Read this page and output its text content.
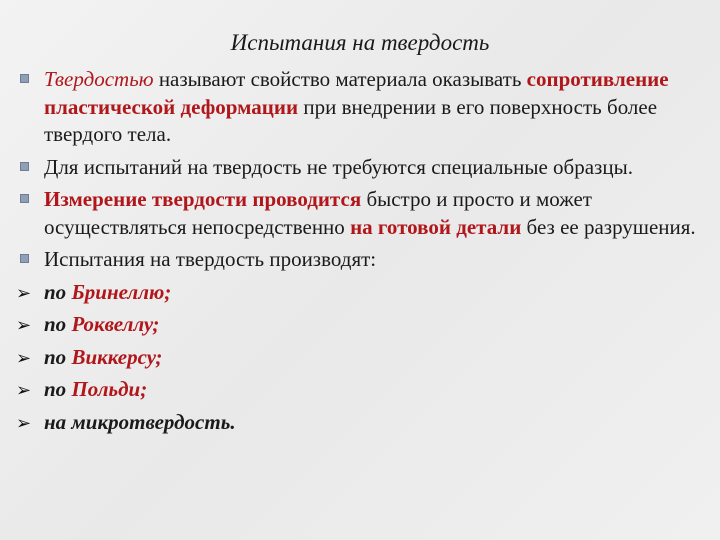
Испытания на твердость
Твердостью называют свойство материала оказывать сопротивление пластической деформации при внедрении в его поверхность более твердого тела.
Для испытаний на твердость не требуются специальные образцы.
Измерение твердости проводится быстро и просто и может осуществляться непосредственно на готовой детали без ее разрушения.
Испытания на твердость производят:
➢ по Бринеллю;
➢ по Роквеллу;
➢ по Виккерсу;
➢ по Польди;
➢ на микротвердость.
